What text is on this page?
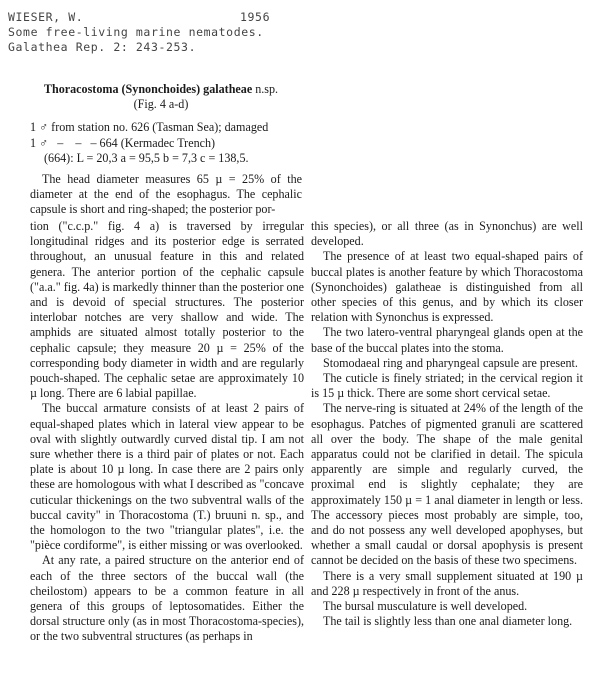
WIESER, W.	1956
Some free-living marine nematodes.
Galathea Rep. 2: 243-253.
Thoracostoma (Synonchoides) galatheae n.sp.
(Fig. 4 a-d)
1 ♂ from station no. 626 (Tasman Sea); damaged
1 ♂   –    –   – 664 (Kermadec Trench)
(664): L = 20,3 a = 95,5 b = 7,3 c = 138,5.

The head diameter measures 65 µ = 25% of the diameter at the end of the esophagus. The cephalic capsule is short and ring-shaped; the posterior por-

tion ("c.c.p." fig. 4 a) is traversed by irregular longitudinal ridges and its posterior edge is serrated throughout, an unusual feature in this and related genera. The anterior portion of the cephalic capsule ("a.a." fig. 4a) is markedly thinner than the posterior one and is devoid of special structures. The posterior interlobar notches are very shallow and wide. The amphids are situated almost totally posterior to the cephalic capsule; they measure 20 µ = 25% of the corresponding body diameter in width and are regularly pouch-shaped. The cephalic setae are approximately 10 µ long. There are 6 labial papillae.

The buccal armature consists of at least 2 pairs of equal-shaped plates which in lateral view appear to be oval with slightly outwardly curved distal tip. I am not sure whether there is a third pair of plates or not. Each plate is about 10 µ long. In case there are 2 pairs only these are homologous with what I described as "concave cuticular thickenings on the two subventral walls of the buccal cavity" in Thoracostoma (T.) bruuni n. sp., and the homologon to the two "triangular plates", i.e. the "pièce cordiforme", is either missing or was overlooked.

At any rate, a paired structure on the anterior end of each of the three sectors of the buccal wall (the cheilostom) appears to be a common feature in all genera of this groups of leptosomatides. Either the dorsal structure only (as in most Thoracostoma-species), or the two subventral structures (as perhaps in

this species), or all three (as in Synonchus) are well developed.

The presence of at least two equal-shaped pairs of buccal plates is another feature by which Thoracostoma (Synonchoides) galatheae is distinguished from all other species of this genus, and by which its closer relation with Synonchus is expressed.

The two latero-ventral pharyngeal glands open at the base of the buccal plates into the stoma.

Stomodaeal ring and pharyngeal capsule are present.

The cuticle is finely striated; in the cervical region it is 15 µ thick. There are some short cervical setae.

The nerve-ring is situated at 24% of the length of the esophagus. Patches of pigmented granuli are scattered all over the body. The shape of the male genital apparatus could not be clarified in detail. The spicula apparently are simple and regularly curved, the proximal end is slightly cephalate; they are approximately 150 µ = 1 anal diameter in length or less. The accessory pieces most probably are simple, too, and do not possess any well developed apophyses, but whether a small caudal or dorsal apophysis is present cannot be decided on the basis of these two specimens.

There is a very small supplement situated at 190 µ and 228 µ respectively in front of the anus.

The bursal musculature is well developed.

The tail is slightly less than one anal diameter long.
